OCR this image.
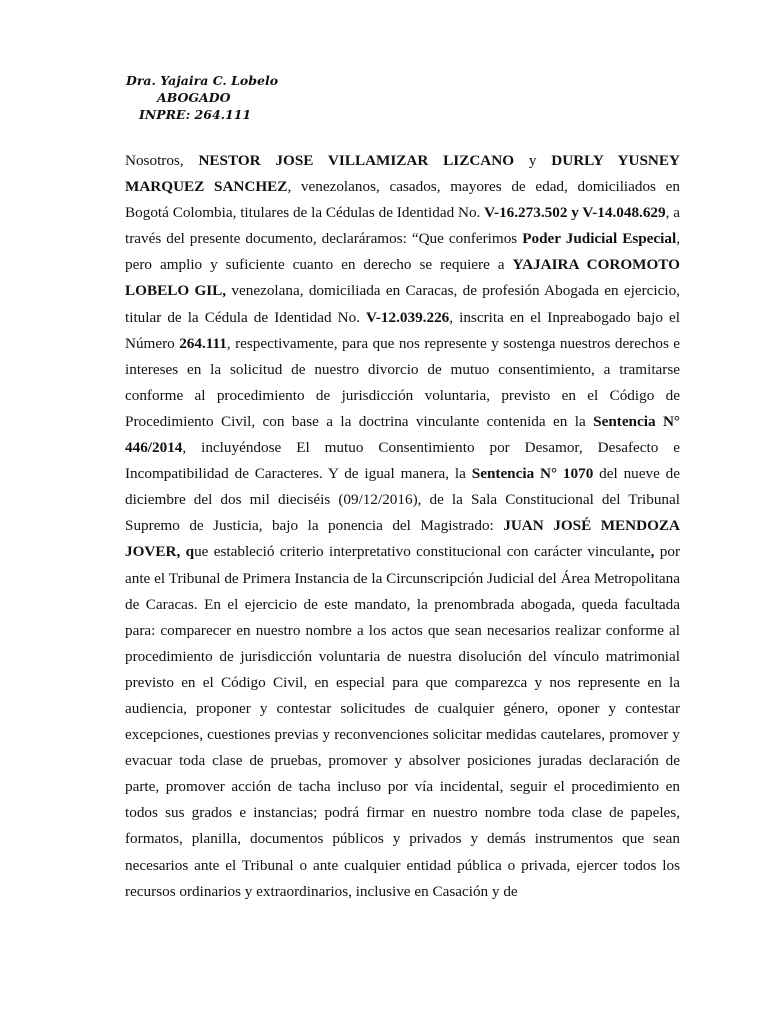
Dra. Yajaira C. Lobelo
ABOGADO
INPRE: 264.111
Nosotros, NESTOR JOSE VILLAMIZAR LIZCANO y DURLY YUSNEY MARQUEZ SANCHEZ, venezolanos, casados, mayores de edad, domiciliados en Bogotá Colombia, titulares de la Cédulas de Identidad No. V-16.273.502 y V-14.048.629, a través del presente documento, declaráramos: “Que conferimos Poder Judicial Especial, pero amplio y suficiente cuanto en derecho se requiere a YAJAIRA COROMOTO LOBELO GIL, venezolana, domiciliada en Caracas, de profesión Abogada en ejercicio, titular de la Cédula de Identidad No. V-12.039.226, inscrita en el Inpreabogado bajo el Número 264.111, respectivamente, para que nos represente y sostenga nuestros derechos e intereses en la solicitud de nuestro divorcio de mutuo consentimiento, a tramitarse conforme al procedimiento de jurisdicción voluntaria, previsto en el Código de Procedimiento Civil, con base a la doctrina vinculante contenida en la Sentencia N° 446/2014, incluyéndose El mutuo Consentimiento por Desamor, Desafecto e Incompatibilidad de Caracteres. Y de igual manera, la Sentencia N° 1070 del nueve de diciembre del dos mil dieciséis (09/12/2016), de la Sala Constitucional del Tribunal Supremo de Justicia, bajo la ponencia del Magistrado: JUAN JOSÉ MENDOZA JOVER, que estableció criterio interpretativo constitucional con carácter vinculante, por ante el Tribunal de Primera Instancia de la Circunscripción Judicial del Área Metropolitana de Caracas. En el ejercicio de este mandato, la prenombrada abogada, queda facultada para: comparecer en nuestro nombre a los actos que sean necesarios realizar conforme al procedimiento de jurisdicción voluntaria de nuestra disolución del vínculo matrimonial previsto en el Código Civil, en especial para que comparezca y nos represente en la audiencia, proponer y contestar solicitudes de cualquier género, oponer y contestar excepciones, cuestiones previas y reconvenciones solicitar medidas cautelares, promover y evacuar toda clase de pruebas, promover y absolver posiciones juradas declaración de parte, promover acción de tacha incluso por vía incidental, seguir el procedimiento en todos sus grados e instancias; podrá firmar en nuestro nombre toda clase de papeles, formatos, planilla, documentos públicos y privados y demás instrumentos que sean necesarios ante el Tribunal o ante cualquier entidad pública o privada, ejercer todos los recursos ordinarios y extraordinarios, inclusive en Casación y de
